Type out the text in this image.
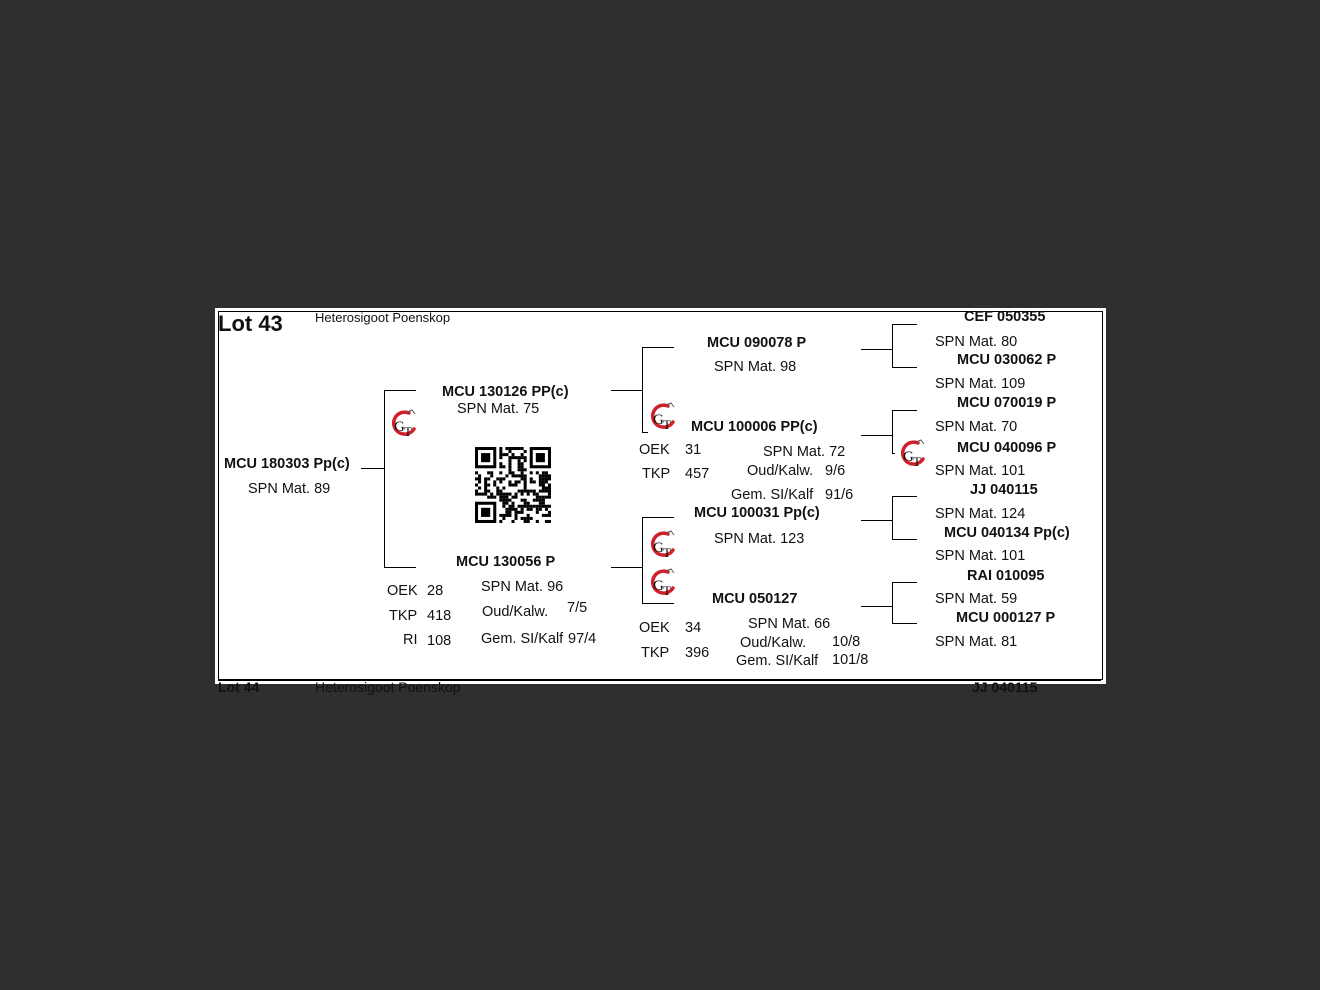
Lot 43 Heterosigoot Poenskop
MCU 180303 Pp(c)
SPN Mat. 89
MCU 130126 PP(c)
SPN Mat. 75
MCU 130056 P
OEK 28
TKP 418
RI 108
SPN Mat. 96
Oud/Kalw. 7/5
Gem. SI/Kalf 97/4
MCU 090078 P
SPN Mat. 98
MCU 100006 PP(c)
OEK 31
TKP 457
SPN Mat. 72
Oud/Kalw. 9/6
Gem. SI/Kalf 91/6
MCU 100031 Pp(c)
SPN Mat. 123
MCU 050127
OEK 34
TKP 396
SPN Mat. 66
Oud/Kalw. 10/8
Gem. SI/Kalf 101/8
CEF 050355
SPN Mat. 80
MCU 030062 P
SPN Mat. 109
MCU 070019 P
SPN Mat. 70
MCU 040096 P
SPN Mat. 101
JJ 040115
SPN Mat. 124
MCU 040134 Pp(c)
SPN Mat. 101
RAI 010095
SPN Mat. 59
MCU 000127 P
SPN Mat. 81
G T
G T
G T
G T
G T
Lot 44	Heterosigoot Poenskop	JJ 040115
